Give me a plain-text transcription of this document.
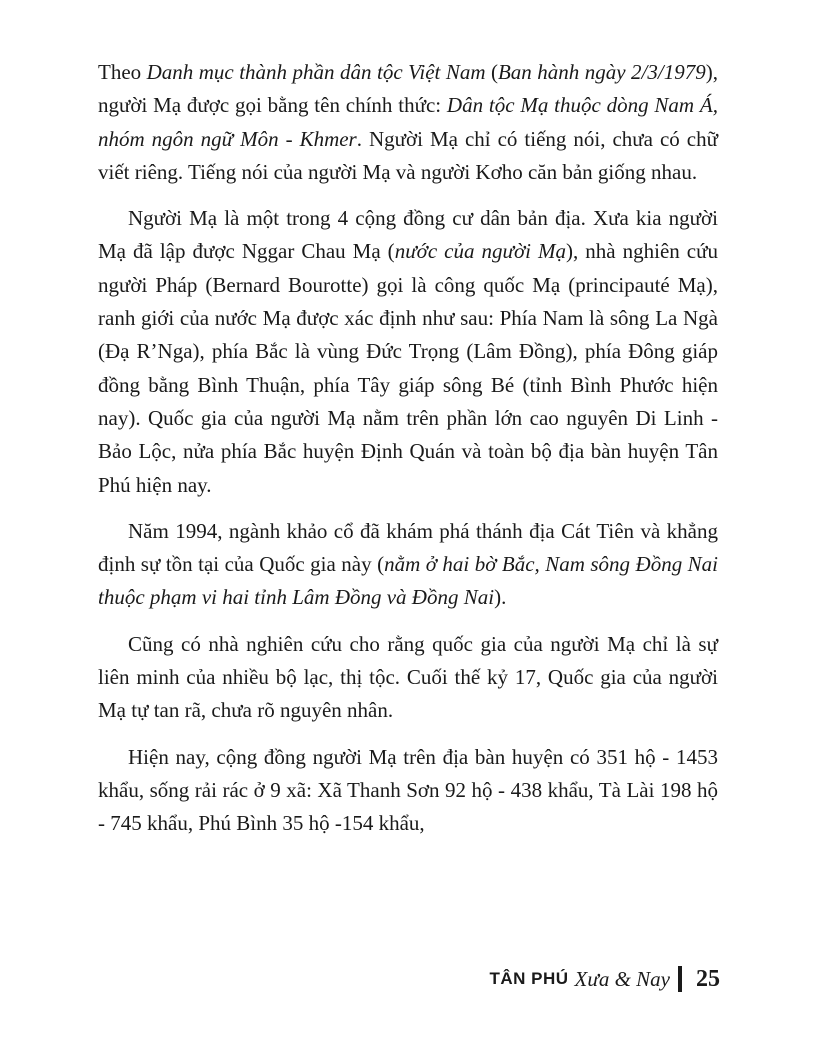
Theo Danh mục thành phần dân tộc Việt Nam (Ban hành ngày 2/3/1979), người Mạ được gọi bằng tên chính thức: Dân tộc Mạ thuộc dòng Nam Á, nhóm ngôn ngữ Môn - Khmer. Người Mạ chỉ có tiếng nói, chưa có chữ viết riêng. Tiếng nói của người Mạ và người Kơho căn bản giống nhau.

Người Mạ là một trong 4 cộng đồng cư dân bản địa. Xưa kia người Mạ đã lập được Nggar Chau Mạ (nước của người Mạ), nhà nghiên cứu người Pháp (Bernard Bourotte) gọi là công quốc Mạ (principauté Mạ), ranh giới của nước Mạ được xác định như sau: Phía Nam là sông La Ngà (Đạ R’Nga), phía Bắc là vùng Đức Trọng (Lâm Đồng), phía Đông giáp đồng bằng Bình Thuận, phía Tây giáp sông Bé (tỉnh Bình Phước hiện nay). Quốc gia của người Mạ nằm trên phần lớn cao nguyên Di Linh - Bảo Lộc, nửa phía Bắc huyện Định Quán và toàn bộ địa bàn huyện Tân Phú hiện nay.

Năm 1994, ngành khảo cổ đã khám phá thánh địa Cát Tiên và khẳng định sự tồn tại của Quốc gia này (nằm ở hai bờ Bắc, Nam sông Đồng Nai thuộc phạm vi hai tỉnh Lâm Đồng và Đồng Nai).

Cũng có nhà nghiên cứu cho rằng quốc gia của người Mạ chỉ là sự liên minh của nhiều bộ lạc, thị tộc. Cuối thế kỷ 17, Quốc gia của người Mạ tự tan rã, chưa rõ nguyên nhân.

Hiện nay, cộng đồng người Mạ trên địa bàn huyện có 351 hộ - 1453 khẩu, sống rải rác ở 9 xã: Xã Thanh Sơn 92 hộ - 438 khẩu, Tà Lài 198 hộ - 745 khẩu, Phú Bình 35 hộ -154 khẩu,

TÂN PHÚ Xưa & Nay 25
